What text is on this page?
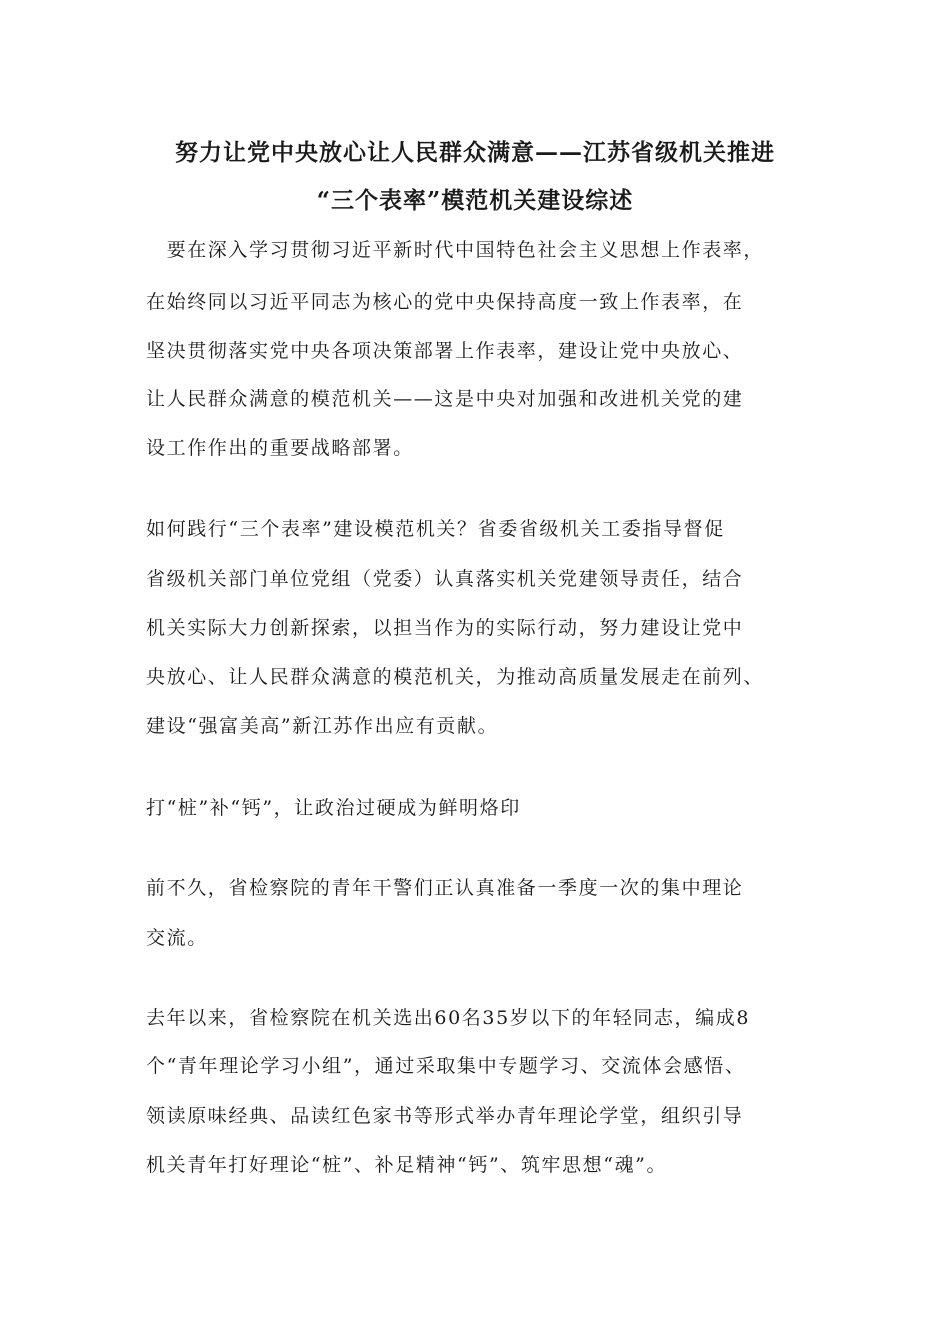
努力让党中央放心让人民群众满意——江苏省级机关推进
“三个表率”模范机关建设综述
　要在深入学习贯彻习近平新时代中国特色社会主义思想上作表率，
在始终同以习近平同志为核心的党中央保持高度一致上作表率，在
坚决贯彻落实党中央各项决策部署上作表率，建设让党中央放心、
让人民群众满意的模范机关——这是中央对加强和改进机关党的建
设工作作出的重要战略部署。
如何践行“三个表率”建设模范机关？省委省级机关工委指导督促
省级机关部门单位党组（党委）认真落实机关党建领导责任，结合
机关实际大力创新探索，以担当作为的实际行动，努力建设让党中
央放心、让人民群众满意的模范机关，为推动高质量发展走在前列、
建设“强富美高”新江苏作出应有贡献。
打“桩”补“钙”，让政治过硬成为鲜明烙印
前不久，省检察院的青年干警们正认真准备一季度一次的集中理论
交流。
去年以来，省检察院在机关选出60名35岁以下的年轻同志，编成8
个“青年理论学习小组”，通过采取集中专题学习、交流体会感悟、
领读原味经典、品读红色家书等形式举办青年理论学堂，组织引导
机关青年打好理论“桩”、补足精神“钙”、筑牢思想“魂”。
